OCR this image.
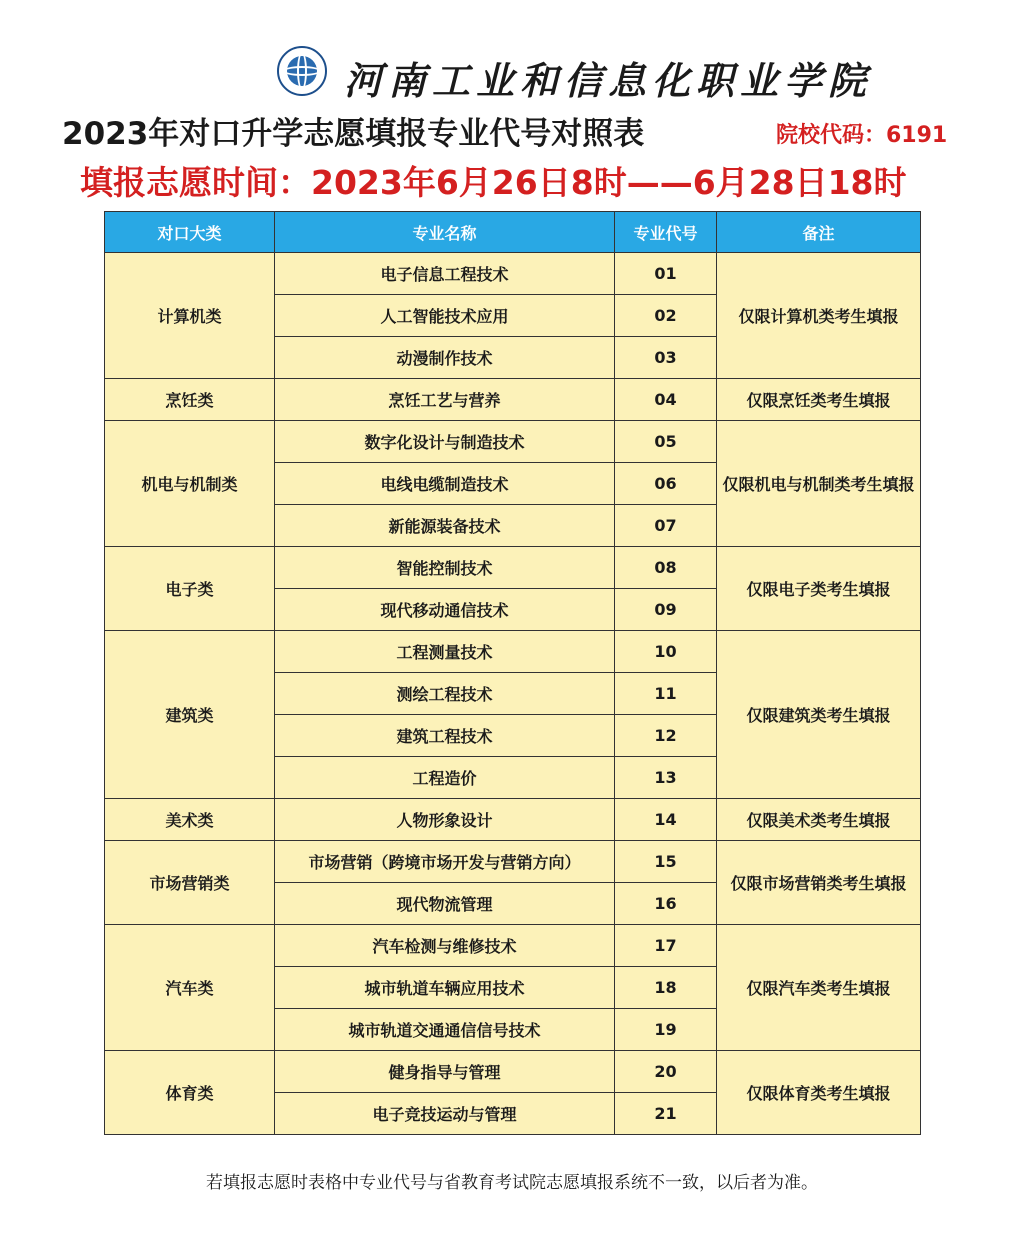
河南工业和信息化职业学院
2023年对口升学志愿填报专业代号对照表	院校代码：6191
填报志愿时间：2023年6月26日8时——6月28日18时
对口大类	专业名称	专业代号	备注
计算机类	电子信息工程技术	01	仅限计算机类考生填报
	人工智能技术应用	02	
	动漫制作技术	03	
烹饪类	烹饪工艺与营养	04	仅限烹饪类考生填报
机电与机制类	数字化设计与制造技术	05	仅限机电与机制类考生填报
	电线电缆制造技术	06	
	新能源装备技术	07	
电子类	智能控制技术	08	仅限电子类考生填报
	现代移动通信技术	09	
建筑类	工程测量技术	10	仅限建筑类考生填报
	测绘工程技术	11	
	建筑工程技术	12	
	工程造价	13	
美术类	人物形象设计	14	仅限美术类考生填报
市场营销类	市场营销（跨境市场开发与营销方向）	15	仅限市场营销类考生填报
	现代物流管理	16	
汽车类	汽车检测与维修技术	17	仅限汽车类考生填报
	城市轨道车辆应用技术	18	
	城市轨道交通通信信号技术	19	
体育类	健身指导与管理	20	仅限体育类考生填报
	电子竞技运动与管理	21	
若填报志愿时表格中专业代号与省教育考试院志愿填报系统不一致，以后者为准。
